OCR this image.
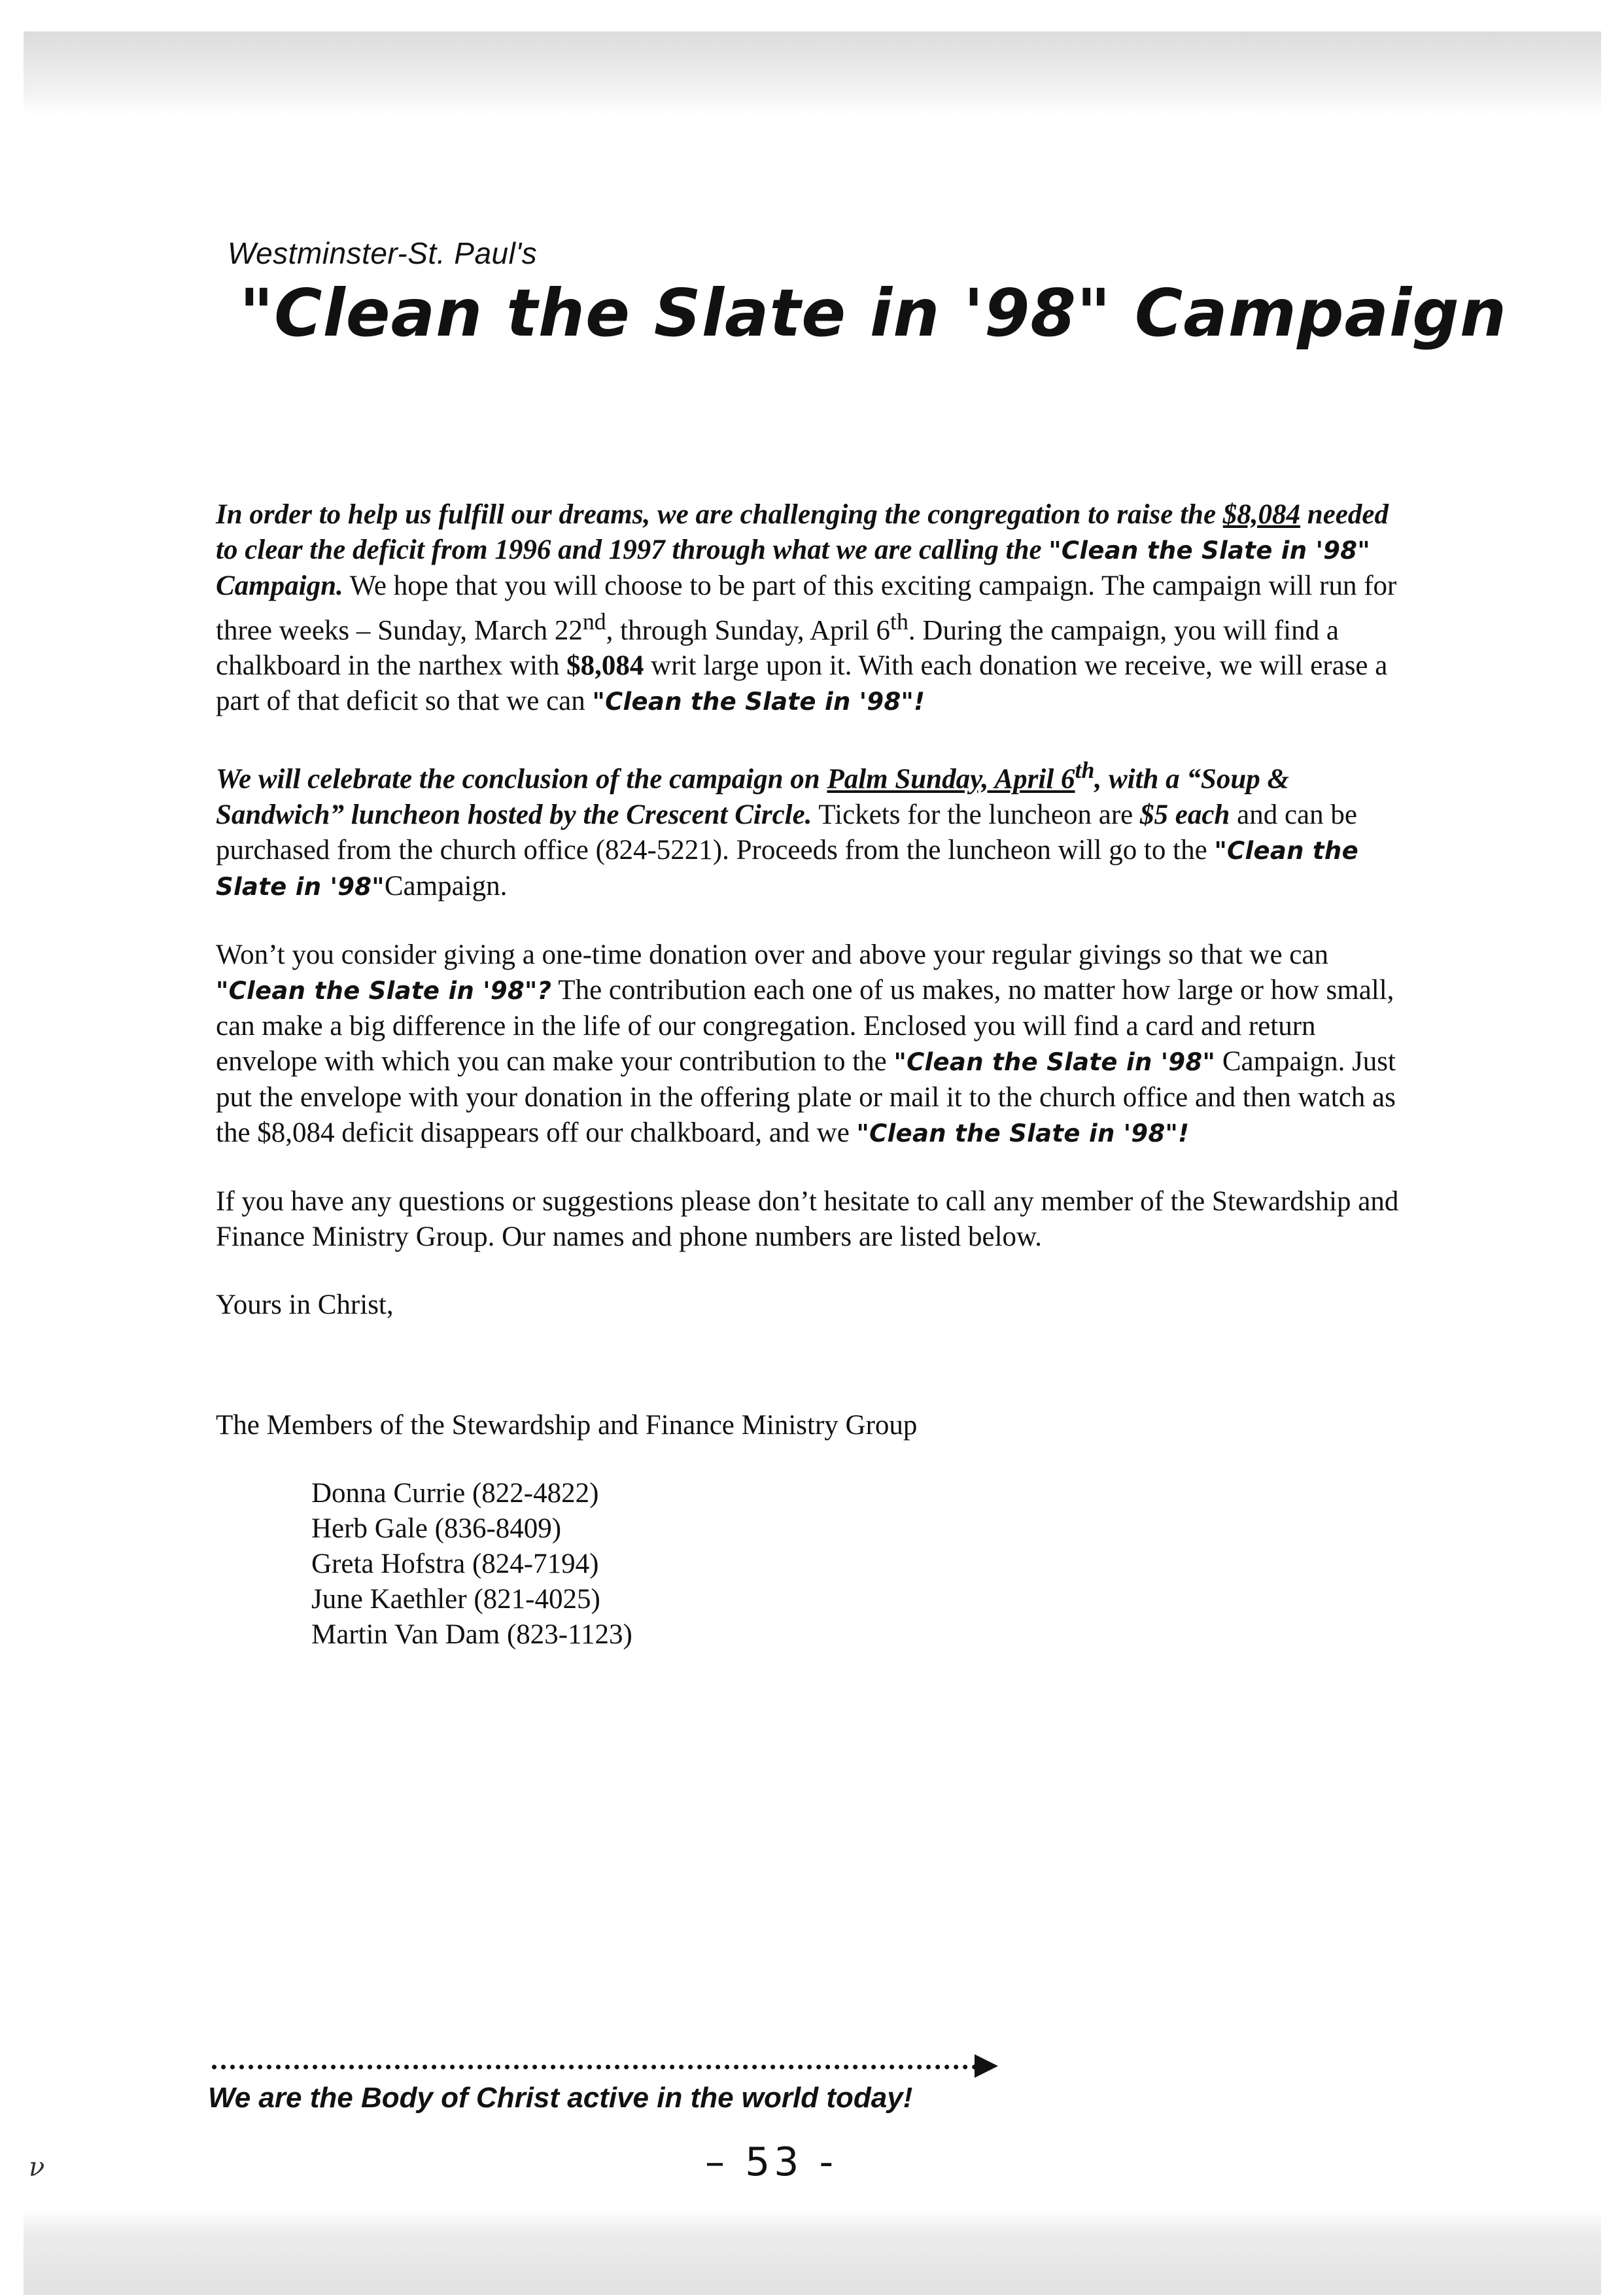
Westminster-St. Paul's
"Clean the Slate in '98" Campaign

In order to help us fulfill our dreams, we are challenging the congregation to raise the $8,084 needed to clear the deficit from 1996 and 1997 through what we are calling the "Clean the Slate in '98" Campaign. We hope that you will choose to be part of this exciting campaign. The campaign will run for three weeks – Sunday, March 22nd, through Sunday, April 6th. During the campaign, you will find a chalkboard in the narthex with $8,084 writ large upon it. With each donation we receive, we will erase a part of that deficit so that we can "Clean the Slate in '98"!

We will celebrate the conclusion of the campaign on Palm Sunday, April 6th, with a “Soup & Sandwich” luncheon hosted by the Crescent Circle. Tickets for the luncheon are $5 each and can be purchased from the church office (824-5221). Proceeds from the luncheon will go to the "Clean the Slate in '98"Campaign.

Won’t you consider giving a one-time donation over and above your regular givings so that we can "Clean the Slate in '98"? The contribution each one of us makes, no matter how large or how small, can make a big difference in the life of our congregation. Enclosed you will find a card and return envelope with which you can make your contribution to the "Clean the Slate in '98" Campaign. Just put the envelope with your donation in the offering plate or mail it to the church office and then watch as the $8,084 deficit disappears off our chalkboard, and we "Clean the Slate in '98"!

If you have any questions or suggestions please don’t hesitate to call any member of the Stewardship and Finance Ministry Group. Our names and phone numbers are listed below.

Yours in Christ,

The Members of the Stewardship and Finance Ministry Group

Donna Currie (822-4822)
Herb Gale (836-8409)
Greta Hofstra (824-7194)
June Kaethler (821-4025)
Martin Van Dam (823-1123)
We are the Body of Christ active in the world today!
– 53 -
ν
